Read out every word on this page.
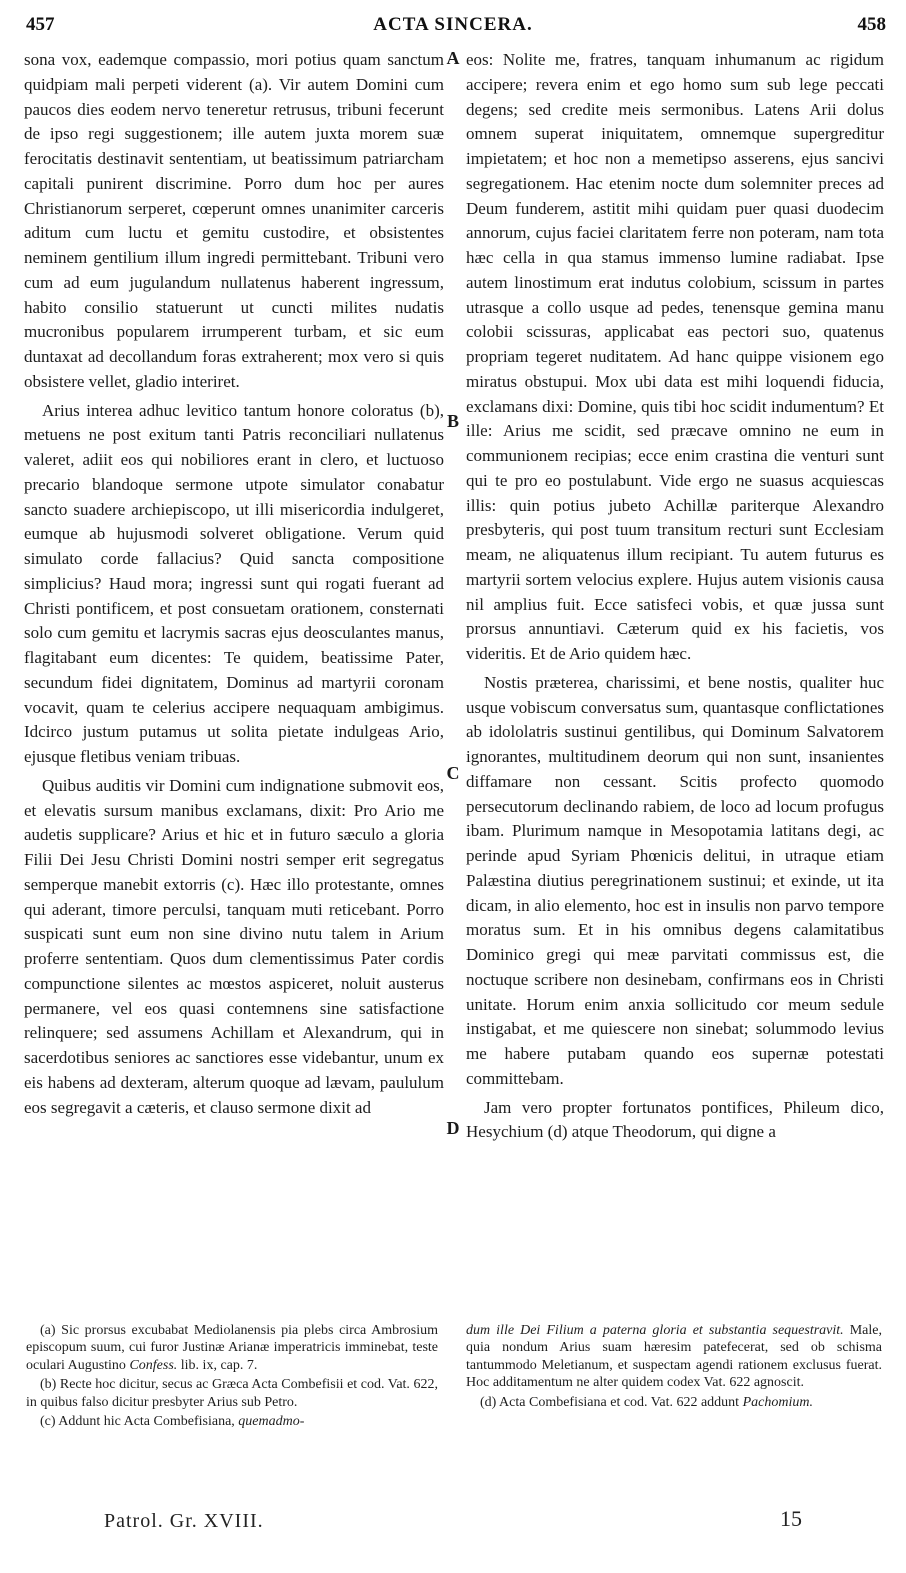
457	ACTA SINCERA.	458

sona vox, eademque compassio, mori potius quam sanctum quidpiam mali perpeti viderent (a). Vir autem Domini cum paucos dies eodem nervo teneretur retrusus, tribuni fecerunt de ipso regi suggestionem; ille autem juxta morem suæ ferocitatis destinavit sententiam, ut beatissimum patriarcham capitali punirent discrimine. Porro dum hoc per aures Christianorum serperet, cœperunt omnes unanimiter carceris aditum cum luctu et gemitu custodire, et obsistentes neminem gentilium illum ingredi permittebant. Tribuni vero cum ad eum jugulandum nullatenus haberent ingressum, habito consilio statuerunt ut cuncti milites nudatis mucronibus popularem irrumperent turbam, et sic eum duntaxat ad decollandum foras extraherent; mox vero si quis obsistere vellet, gladio interiret.

Arius interea adhuc levitico tantum honore coloratus (b), metuens ne post exitum tanti Patris reconciliari nullatenus valeret, adiit eos qui nobiliores erant in clero, et luctuoso precario blandoque sermone utpote simulator conabatur sancto suadere archiepiscopo, ut illi misericordia indulgeret, eumque ab hujusmodi solveret obligatione. Verum quid simulato corde fallacius? Quid sancta compositione simplicius? Haud mora; ingressi sunt qui rogati fuerant ad Christi pontificem, et post consuetam orationem, consternati solo cum gemitu et lacrymis sacras ejus deosculantes manus, flagitabant eum dicentes: Te quidem, beatissime Pater, secundum fidei dignitatem, Dominus ad martyrii coronam vocavit, quam te celerius accipere nequaquam ambigimus. Idcirco justum putamus ut solita pietate indulgeas Ario, ejusque fletibus veniam tribuas.

Quibus auditis vir Domini cum indignatione submovit eos, et elevatis sursum manibus exclamans, dixit: Pro Ario me audetis supplicare? Arius et hic et in futuro sæculo a gloria Filii Dei Jesu Christi Domini nostri semper erit segregatus semperque manebit extorris (c). Hæc illo protestante, omnes qui aderant, timore perculsi, tanquam muti reticebant. Porro suspicati sunt eum non sine divino nutu talem in Arium proferre sententiam. Quos dum clementissimus Pater cordis compunctione silentes ac mœstos aspiceret, noluit austerus permanere, vel eos quasi contemnens sine satisfactione relinquere; sed assumens Achillam et Alexandrum, qui in sacerdotibus seniores ac sanctiores esse videbantur, unum ex eis habens ad dexteram, alterum quoque ad lævam, paululum eos segregavit a cæteris, et clauso sermone dixit ad

A
B
C
D

eos: Nolite me, fratres, tanquam inhumanum ac rigidum accipere; revera enim et ego homo sum sub lege peccati degens; sed credite meis sermonibus. Latens Arii dolus omnem superat iniquitatem, omnemque supergreditur impietatem; et hoc non a memetipso asserens, ejus sancivi segregationem. Hac etenim nocte dum solemniter preces ad Deum funderem, astitit mihi quidam puer quasi duodecim annorum, cujus faciei claritatem ferre non poteram, nam tota hæc cella in qua stamus immenso lumine radiabat. Ipse autem linostimum erat indutus colobium, scissum in partes utrasque a collo usque ad pedes, tenensque gemina manu colobii scissuras, applicabat eas pectori suo, quatenus propriam tegeret nuditatem. Ad hanc quippe visionem ego miratus obstupui. Mox ubi data est mihi loquendi fiducia, exclamans dixi: Domine, quis tibi hoc scidit indumentum? Et ille: Arius me scidit, sed præcave omnino ne eum in communionem recipias; ecce enim crastina die venturi sunt qui te pro eo postulabunt. Vide ergo ne suasus acquiescas illis: quin potius jubeto Achillæ pariterque Alexandro presbyteris, qui post tuum transitum recturi sunt Ecclesiam meam, ne aliquatenus illum recipiant. Tu autem futurus es martyrii sortem velocius explere. Hujus autem visionis causa nil amplius fuit. Ecce satisfeci vobis, et quæ jussa sunt prorsus annuntiavi. Cæterum quid ex his facietis, vos videritis. Et de Ario quidem hæc.

Nostis præterea, charissimi, et bene nostis, qualiter huc usque vobiscum conversatus sum, quantasque conflictationes ab idololatris sustinui gentilibus, qui Dominum Salvatorem ignorantes, multitudinem deorum qui non sunt, insanientes diffamare non cessant. Scitis profecto quomodo persecutorum declinando rabiem, de loco ad locum profugus ibam. Plurimum namque in Mesopotamia latitans degi, ac perinde apud Syriam Phœnicis delitui, in utraque etiam Palæstina diutius peregrinationem sustinui; et exinde, ut ita dicam, in alio elemento, hoc est in insulis non parvo tempore moratus sum. Et in his omnibus degens calamitatibus Dominico gregi qui meæ parvitati commissus est, die noctuque scribere non desinebam, confirmans eos in Christi unitate. Horum enim anxia sollicitudo cor meum sedule instigabat, et me quiescere non sinebat; solummodo levius me habere putabam quando eos supernæ potestati committebam.

Jam vero propter fortunatos pontifices, Phileum dico, Hesychium (d) atque Theodorum, qui digne a

(a) Sic prorsus excubabat Mediolanensis pia plebs circa Ambrosium episcopum suum, cui furor Justinæ Arianæ imperatricis imminebat, teste oculari Augustino Confess. lib. ix, cap. 7.

(b) Recte hoc dicitur, secus ac Græca Acta Combefisii et cod. Vat. 622, in quibus falso dicitur presbyter Arius sub Petro.

(c) Addunt hic Acta Combefisiana, quemadmo-

dum ille Dei Filium a paterna gloria et substantia sequestravit. Male, quia nondum Arius suam hæresim patefecerat, sed ob schisma tantummodo Meletianum, et suspectam agendi rationem exclusus fuerat. Hoc additamentum ne alter quidem codex Vat. 622 agnoscit.

(d) Acta Combefisiana et cod. Vat. 622 addunt Pachomium.

Patrol. Gr. XVIII.	15
